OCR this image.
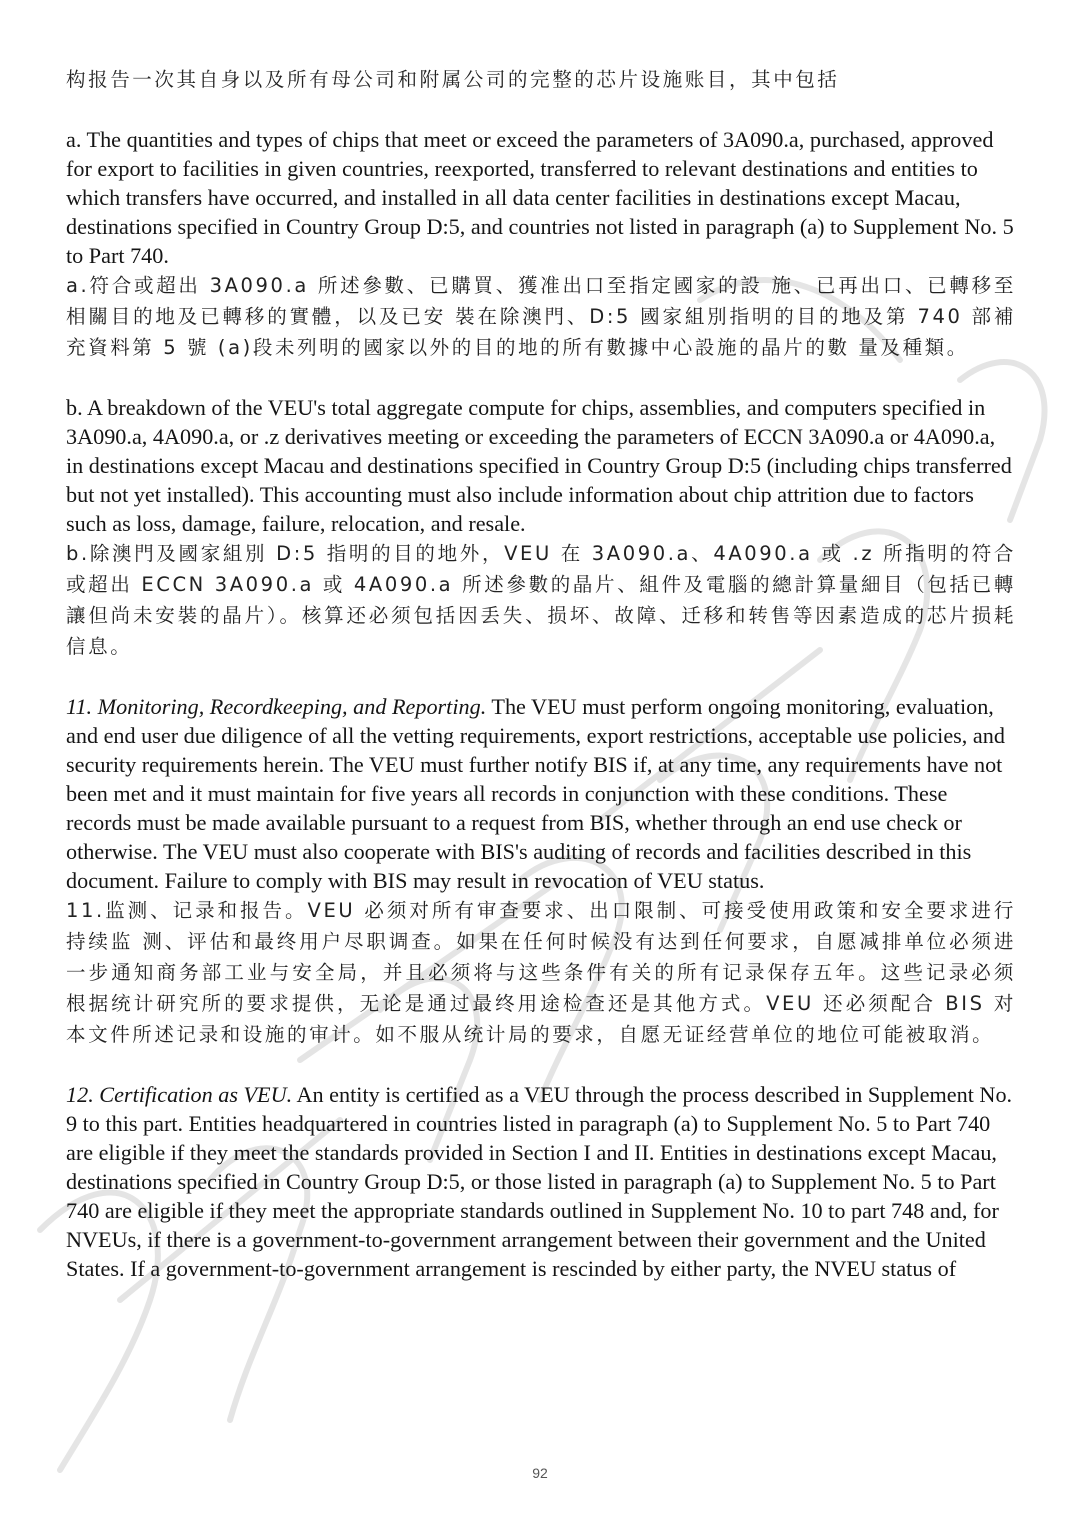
构报告一次其自身以及所有母公司和附属公司的完整的芯片设施账目，其中包括

a. The quantities and types of chips that meet or exceed the parameters of 3A090.a, purchased, approved for export to facilities in given countries, reexported, transferred to relevant destinations and entities to which transfers have occurred, and installed in all data center facilities in destinations except Macau, destinations specified in Country Group D:5, and countries not listed in paragraph (a) to Supplement No. 5 to Part 740.

a.符合或超出 3A090.a 所述參數、已購買、獲准出口至指定國家的設 施、已再出口、已轉移至相關目的地及已轉移的實體，以及已安 裝在除澳門、D:5 國家組別指明的目的地及第 740 部補充資料第 5 號 (a)段未列明的國家以外的目的地的所有數據中心設施的晶片的數 量及種類。

b. A breakdown of the VEU's total aggregate compute for chips, assemblies, and computers specified in 3A090.a, 4A090.a, or .z derivatives meeting or exceeding the parameters of ECCN 3A090.a or 4A090.a, in destinations except Macau and destinations specified in Country Group D:5 (including chips transferred but not yet installed). This accounting must also include information about chip attrition due to factors such as loss, damage, failure, relocation, and resale.

b.除澳門及國家組別 D:5 指明的目的地外，VEU 在 3A090.a、4A090.a 或 .z 所指明的符合或超出 ECCN 3A090.a 或 4A090.a 所述參數的晶片、組件及電腦的總計算量細目（包括已轉讓但尚未安裝的晶片）。核算还必须包括因丢失、损坏、故障、迁移和转售等因素造成的芯片损耗信息。

11. Monitoring, Recordkeeping, and Reporting. The VEU must perform ongoing monitoring, evaluation, and end user due diligence of all the vetting requirements, export restrictions, acceptable use policies, and security requirements herein. The VEU must further notify BIS if, at any time, any requirements have not been met and it must maintain for five years all records in conjunction with these conditions. These records must be made available pursuant to a request from BIS, whether through an end use check or otherwise. The VEU must also cooperate with BIS's auditing of records and facilities described in this document. Failure to comply with BIS may result in revocation of VEU status.

11.监测、记录和报告。VEU 必须对所有审查要求、出口限制、可接受使用政策和安全要求进行持续监 测、评估和最终用户尽职调查。如果在任何时候没有达到任何要求，自愿减排单位必须进一步通知商务部工业与安全局，并且必须将与这些条件有关的所有记录保存五年。这些记录必须根据统计研究所的要求提供，无论是通过最终用途检查还是其他方式。VEU 还必须配合 BIS 对本文件所述记录和设施的审计。如不服从统计局的要求，自愿无证经营单位的地位可能被取消。

12. Certification as VEU. An entity is certified as a VEU through the process described in Supplement No. 9 to this part. Entities headquartered in countries listed in paragraph (a) to Supplement No. 5 to Part 740 are eligible if they meet the standards provided in Section I and II. Entities in destinations except Macau, destinations specified in Country Group D:5, or those listed in paragraph (a) to Supplement No. 5 to Part 740 are eligible if they meet the appropriate standards outlined in Supplement No. 10 to part 748 and, for NVEUs, if there is a government-to-government arrangement between their government and the United States. If a government-to-government arrangement is rescinded by either party, the NVEU status of

92
